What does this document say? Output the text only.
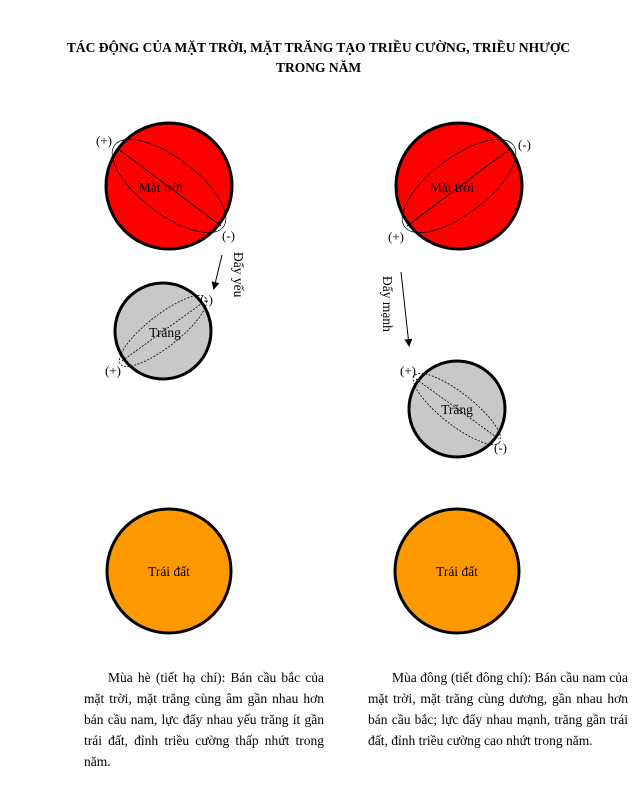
TÁC ĐỘNG CỦA MẶT TRỜI, MẶT TRĂNG TẠO TRIỀU CƯỜNG, TRIỀU NHƯỢC
TRONG NĂM
Mặt trời
(+)
(-)
Đẩy yếu
Trăng
(-)
(+)
Trái đất
Mặt trời
(-)
(+)
Đẩy mạnh
Trăng
(+)
(-)
Trái đất

Mùa hè (tiết hạ chí): Bán cầu bắc của mặt trời, mặt trăng cùng âm gần nhau hơn bán cầu nam, lực đẩy nhau yếu trăng ít gần trái đất, đỉnh triều cường thấp nhứt trong năm.

Mùa đông (tiết đông chí): Bán cầu nam của mặt trời, mặt trăng cùng dương, gần nhau hơn bán cầu bắc; lực đẩy nhau mạnh, trăng gần trái đất, đỉnh triều cường cao nhứt trong năm.
